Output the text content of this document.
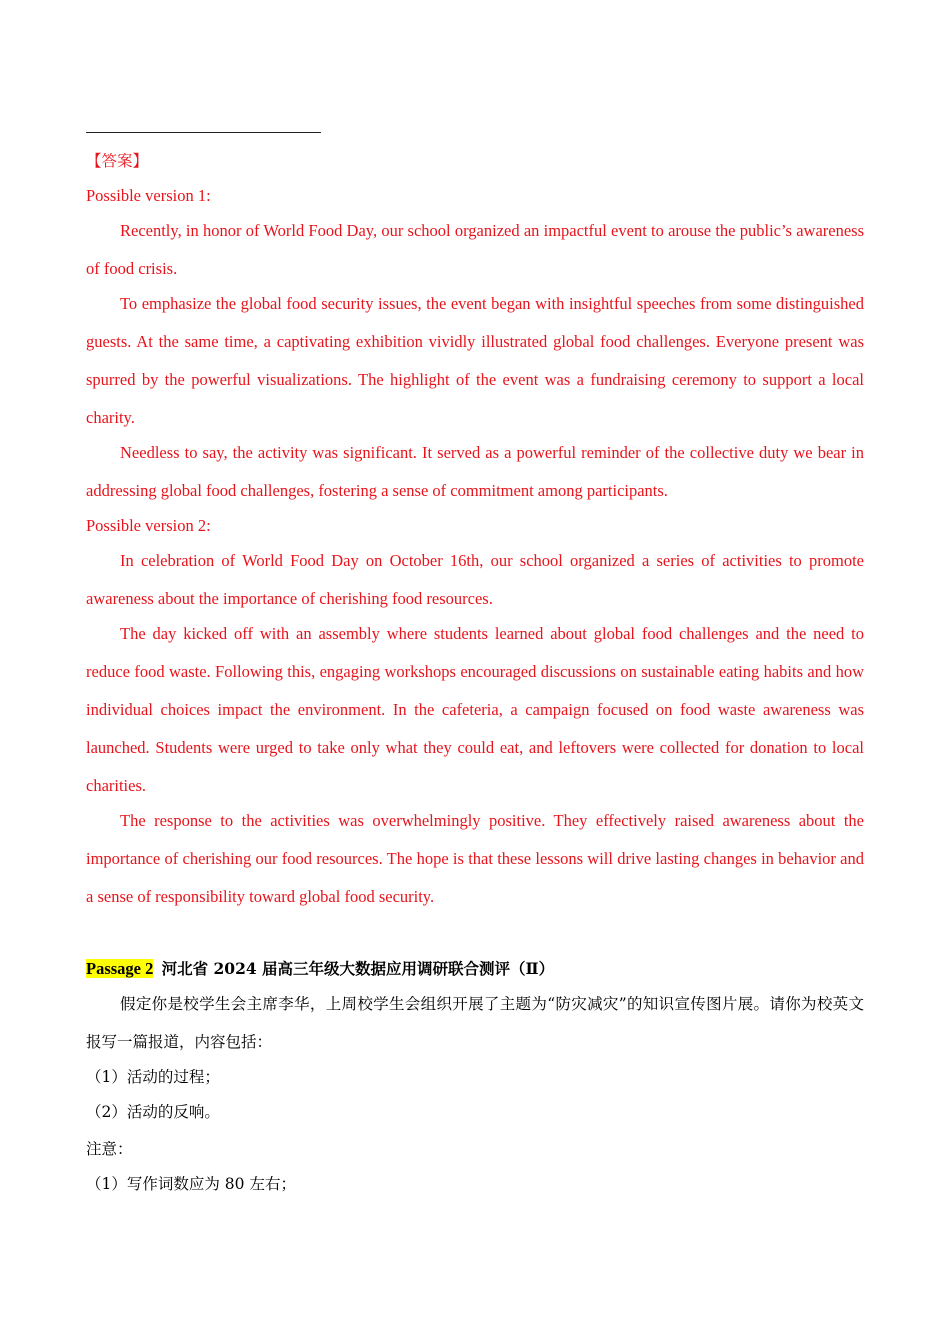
【答案】
Possible version 1:
Recently, in honor of World Food Day, our school organized an impactful event to arouse the public’s awareness of food crisis.
To emphasize the global food security issues, the event began with insightful speeches from some distinguished guests. At the same time, a captivating exhibition vividly illustrated global food challenges. Everyone present was spurred by the powerful visualizations. The highlight of the event was a fundraising ceremony to support a local charity.
Needless to say, the activity was significant. It served as a powerful reminder of the collective duty we bear in addressing global food challenges, fostering a sense of commitment among participants.
Possible version 2:
In celebration of World Food Day on October 16th, our school organized a series of activities to promote awareness about the importance of cherishing food resources.
The day kicked off with an assembly where students learned about global food challenges and the need to reduce food waste. Following this, engaging workshops encouraged discussions on sustainable eating habits and how individual choices impact the environment. In the cafeteria, a campaign focused on food waste awareness was launched. Students were urged to take only what they could eat, and leftovers were collected for donation to local charities.
The response to the activities was overwhelmingly positive. They effectively raised awareness about the importance of cherishing our food resources. The hope is that these lessons will drive lasting changes in behavior and a sense of responsibility toward global food security.
Passage 2 河北省 2024 届高三年级大数据应用调研联合测评（Ⅱ）
假定你是校学生会主席李华，上周校学生会组织开展了主题为“防灾减灾”的知识宣传图片展。请你为校英文报写一篇报道，内容包括：
（1）活动的过程；
（2）活动的反响。
注意：
（1）写作词数应为 80 左右；
